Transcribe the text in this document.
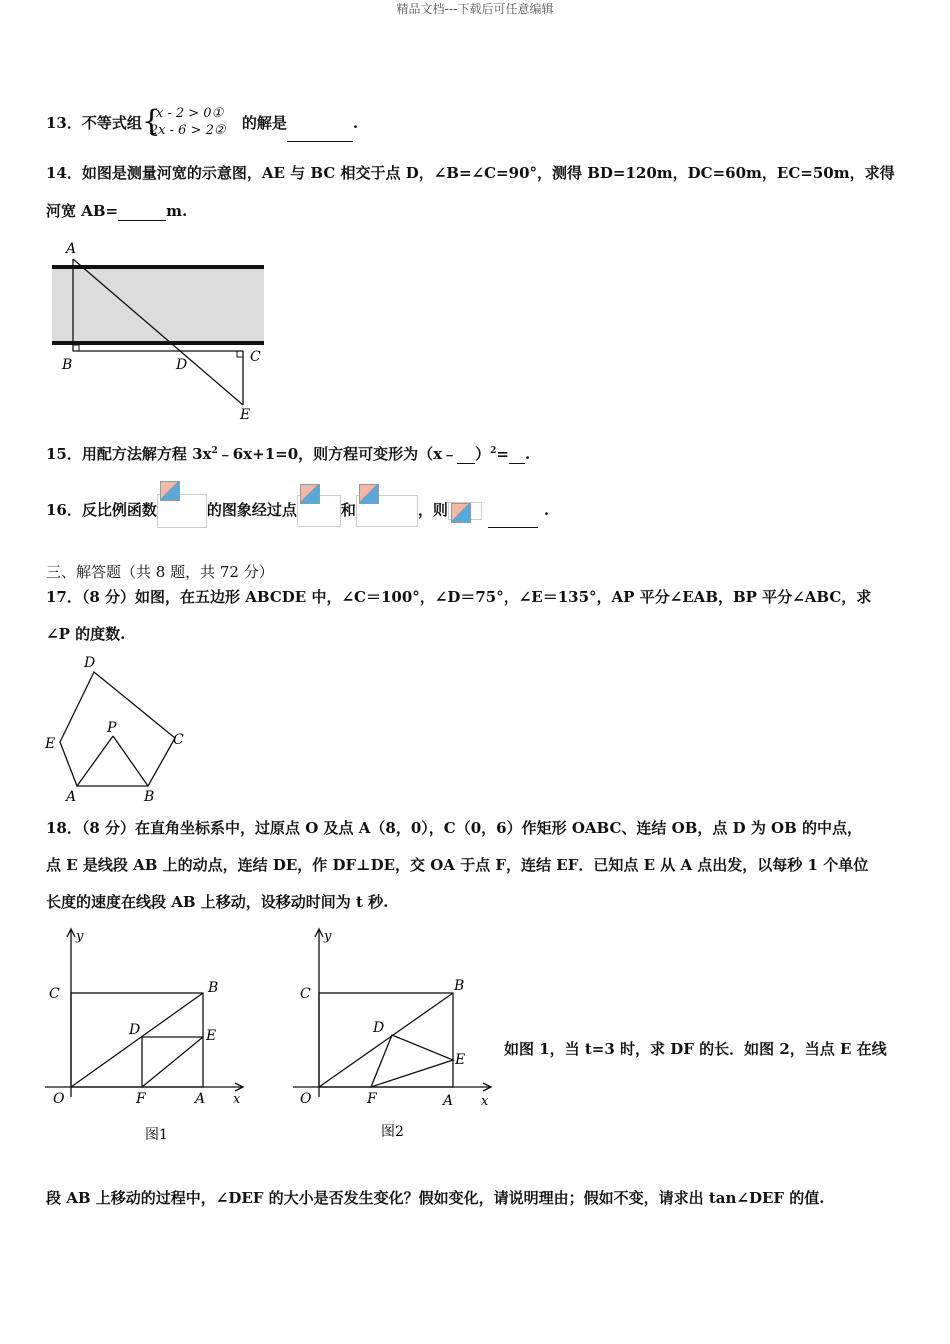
精品文档---下载后可任意编辑
13．不等式组 {
x - 2 > 0①
2x - 6 > 2② 的解是	.
14．如图是测量河宽的示意图，AE 与 BC 相交于点 D，∠B=∠C=90°，测得 BD=120m，DC=60m，EC=50m，求得
河宽 AB=	m.
A
B	D	C
E
15．用配方法解方程 $3x^2﹣6x+1=0$，则方程可变形为（x﹣ ）$^2$= .
16．反比例函数	的图象经过点	和	，则	.
三、解答题（共 8 题，共 72 分）
17．（8 分）如图，在五边形 ABCDE 中，∠C＝100°，∠D＝75°，∠E＝135°，AP 平分∠EAB，BP 平分∠ABC，求
∠P 的度数.
D
E	C
P
A	B
18．（8 分）在直角坐标系中，过原点 O 及点 A（8，0），C（0，6）作矩形 OABC、连结 OB，点 D 为 OB 的中点，
点 E 是线段 AB 上的动点，连结 DE，作 DF⊥DE，交 OA 于点 F，连结 EF．已知点 E 从 A 点出发，以每秒 1 个单位
长度的速度在线段 AB 上移动，设移动时间为 t 秒.
y
C	B
D	E
O	F	A x
图1
y
C	B
D
E
O	F	A x
图2
如图 1，当 t=3 时，求 DF 的长．如图 2，当点 E 在线
段 AB 上移动的过程中，∠DEF 的大小是否发生变化？假如变化，请说明理由；假如不变，请求出 tan∠DEF 的值.
